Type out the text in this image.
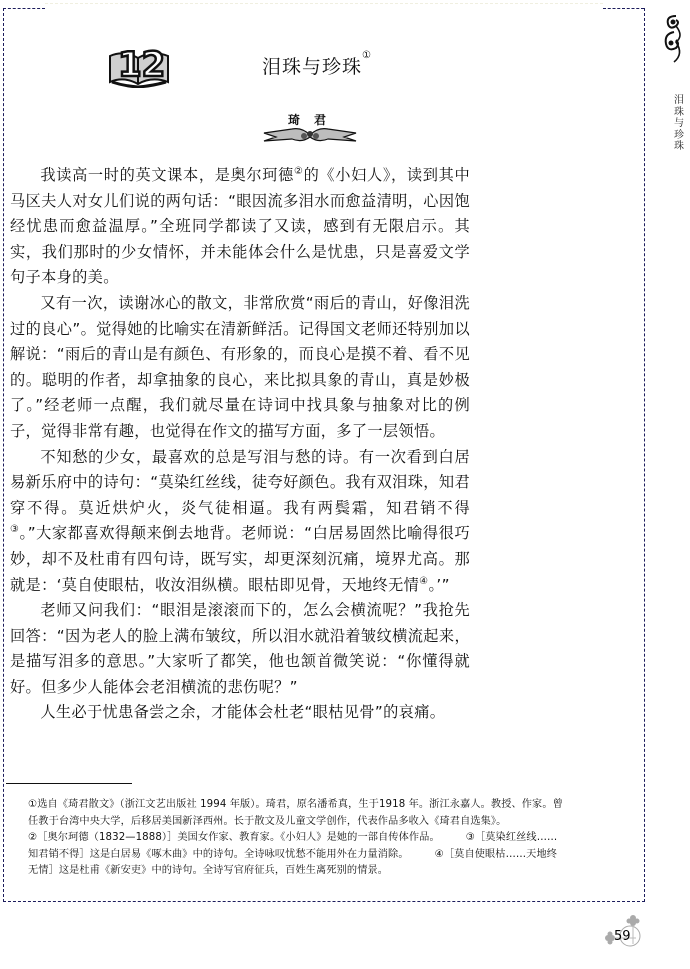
12	泪珠与珍珠①
琦君

我读高一时的英文课本，是奥尔珂德②的《小妇人》，读到其中马区夫人对女儿们说的两句话：“眼因流多泪水而愈益清明，心因饱经忧患而愈益温厚。”全班同学都读了又读，感到有无限启示。其实，我们那时的少女情怀，并未能体会什么是忧患，只是喜爱文学句子本身的美。

又有一次，读谢冰心的散文，非常欣赏“雨后的青山，好像泪洗过的良心”。觉得她的比喻实在清新鲜活。记得国文老师还特别加以解说：“雨后的青山是有颜色、有形象的，而良心是摸不着、看不见的。聪明的作者，却拿抽象的良心，来比拟具象的青山，真是妙极了。”经老师一点醒，我们就尽量在诗词中找具象与抽象对比的例子，觉得非常有趣，也觉得在作文的描写方面，多了一层领悟。

不知愁的少女，最喜欢的总是写泪与愁的诗。有一次看到白居易新乐府中的诗句：“莫染红丝线，徒夸好颜色。我有双泪珠，知君穿不得。莫近烘炉火，炎气徒相逼。我有两鬓霜，知君销不得③。”大家都喜欢得颠来倒去地背。老师说：“白居易固然比喻得很巧妙，却不及杜甫有四句诗，既写实，却更深刻沉痛，境界尤高。那就是：‘莫自使眼枯，收汝泪纵横。眼枯即见骨，天地终无情④。’”

老师又问我们：“眼泪是滚滚而下的，怎么会横流呢？”我抢先回答：“因为老人的脸上满布皱纹，所以泪水就沿着皱纹横流起来，是描写泪多的意思。”大家听了都笑，他也颔首微笑说：“你懂得就好。但多少人能体会老泪横流的悲伤呢？”

人生必于忧患备尝之余，才能体会杜老“眼枯见骨”的哀痛。

①选自《琦君散文》（浙江文艺出版社 1994 年版）。琦君，原名潘希真，生于1918 年。浙江永嘉人。教授、作家。曾
任教于台湾中央大学，后移居美国新泽西州。长于散文及儿童文学创作，代表作品多收入《琦君自选集》。
②［奥尔珂德（1832—1888）］美国女作家、教育家。《小妇人》是她的一部自传体作品。	③［莫染红丝线……
知君销不得］这是白居易《啄木曲》中的诗句。全诗咏叹忧愁不能用外在力量消除。	④［莫自使眼枯……天地终
无情］这是杜甫《新安吏》中的诗句。全诗写官府征兵，百姓生离死别的情景。
泪
珠
与
珍
珠
59
